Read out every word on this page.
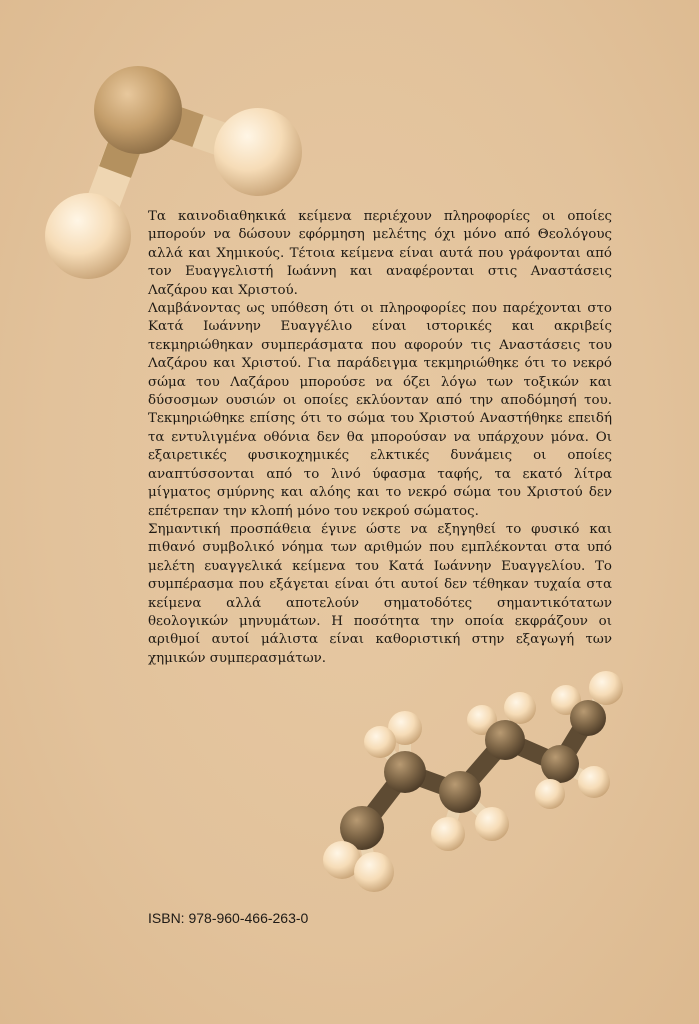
Τα καινοδιαθηκικά κείμενα περιέχουν πληροφορίες οι οποίες μπορούν να δώσουν εφόρμηση μελέτης όχι μόνο από Θεολόγους αλλά και Χημικούς. Τέτοια κείμενα είναι αυτά που γράφονται από τον Ευαγγελιστή Ιωάννη και αναφέρονται στις Αναστάσεις Λαζάρου και Χριστού.

Λαμβάνοντας ως υπόθεση ότι οι πληροφορίες που παρέχονται στο Κατά Ιωάννην Ευαγγέλιο είναι ιστορικές και ακριβείς τεκμηριώθηκαν συμπεράσματα που αφορούν τις Αναστάσεις του Λαζάρου και Χριστού. Για παράδειγμα τεκμηριώθηκε ότι το νεκρό σώμα του Λαζάρου μπορούσε να όζει λόγω των τοξικών και δύσοσμων ουσιών οι οποίες εκλύονταν από την αποδόμησή του. Τεκμηριώθηκε επίσης ότι το σώμα του Χριστού Αναστήθηκε επειδή τα εντυλιγμένα οθόνια δεν θα μπορούσαν να υπάρχουν μόνα. Οι εξαιρετικές φυσικοχημικές ελκτικές δυνάμεις οι οποίες αναπτύσσονται από το λινό ύφασμα ταφής, τα εκατό λίτρα μίγματος σμύρνης και αλόης και το νεκρό σώμα του Χριστού δεν επέτρεπαν την κλοπή μόνο του νεκρού σώματος.

Σημαντική προσπάθεια έγινε ώστε να εξηγηθεί το φυσικό και πιθανό συμβολικό νόημα των αριθμών που εμπλέκονται στα υπό μελέτη ευαγγελικά κείμενα του Κατά Ιωάννην Ευαγγελίου. Το συμπέρασμα που εξάγεται είναι ότι αυτοί δεν τέθηκαν τυχαία στα κείμενα αλλά αποτελούν σηματοδότες σημαντικότατων θεολογικών μηνυμάτων. Η ποσότητα την οποία εκφράζουν οι αριθμοί αυτοί μάλιστα είναι καθοριστική στην εξαγωγή των χημικών συμπερασμάτων.

ISBN: 978-960-466-263-0
